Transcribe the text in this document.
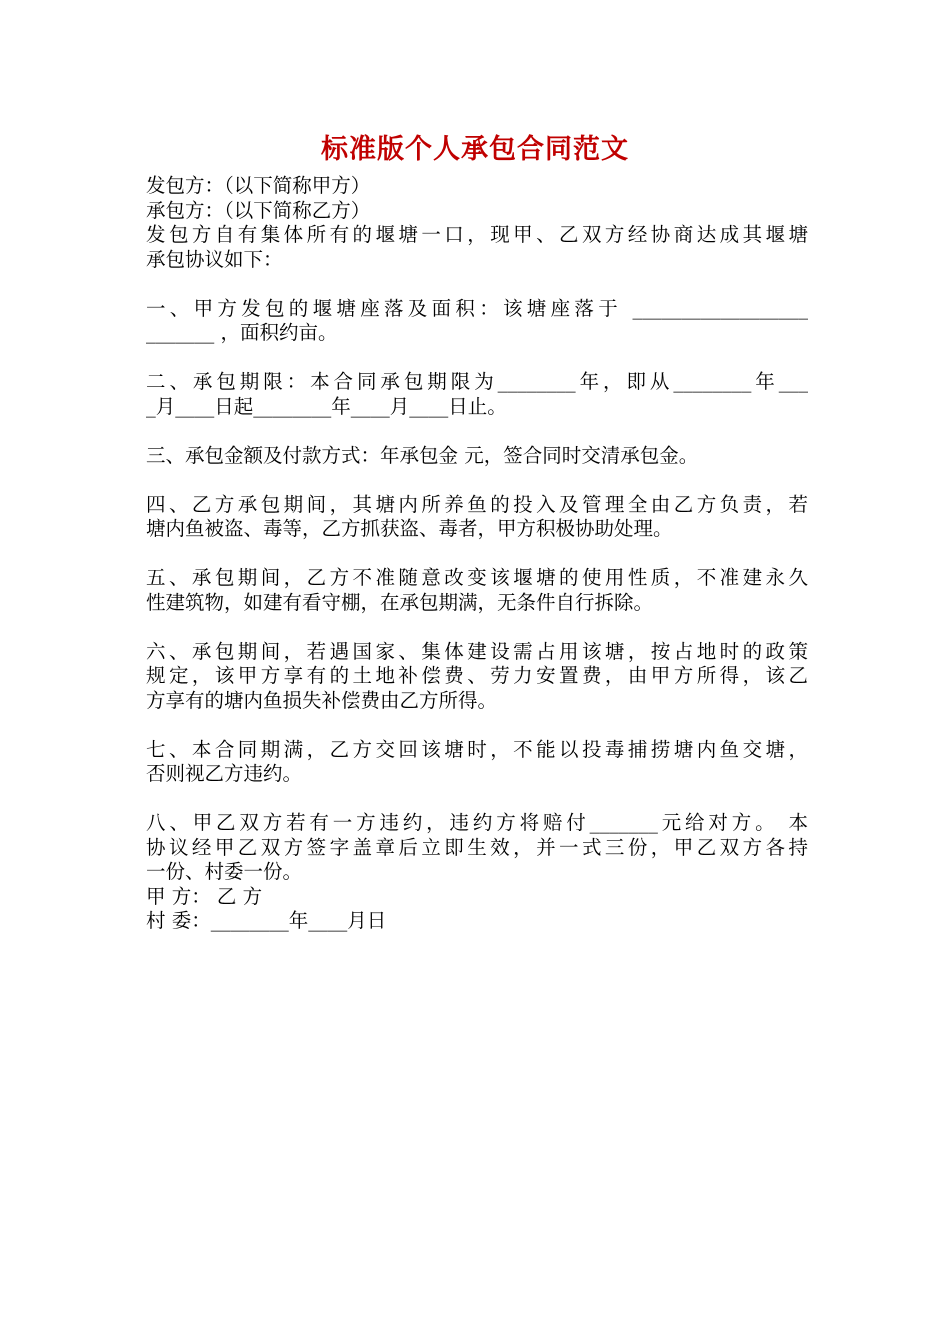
标准版个人承包合同范文
发包方：（以下简称甲方）
承包方：（以下简称乙方）
发包方自有集体所有的堰塘一口，现甲、乙双方经协商达成其堰塘
承包协议如下：
一、甲方发包的堰塘座落及面积：该塘座落于 __________________
_______ ，面积约亩。
二、承包期限：本合同承包期限为________年，即从________年___
_月____日起________年____月____日止。
三、承包金额及付款方式：年承包金 元，签合同时交清承包金。
四、乙方承包期间，其塘内所养鱼的投入及管理全由乙方负责，若
塘内鱼被盗、毒等，乙方抓获盗、毒者，甲方积极协助处理。
五、承包期间，乙方不准随意改变该堰塘的使用性质，不准建永久
性建筑物，如建有看守棚，在承包期满，无条件自行拆除。
六、承包期间，若遇国家、集体建设需占用该塘，按占地时的政策
规定，该甲方享有的土地补偿费、劳力安置费，由甲方所得，该乙
方享有的塘内鱼损失补偿费由乙方所得。
七、本合同期满，乙方交回该塘时，不能以投毒捕捞塘内鱼交塘，
否则视乙方违约。
八、甲乙双方若有一方违约，违约方将赔付_______元给对方。 本
协议经甲乙双方签字盖章后立即生效，并一式三份，甲乙双方各持
一份、村委一份。
甲 方： 乙 方
村 委：________年____月日
